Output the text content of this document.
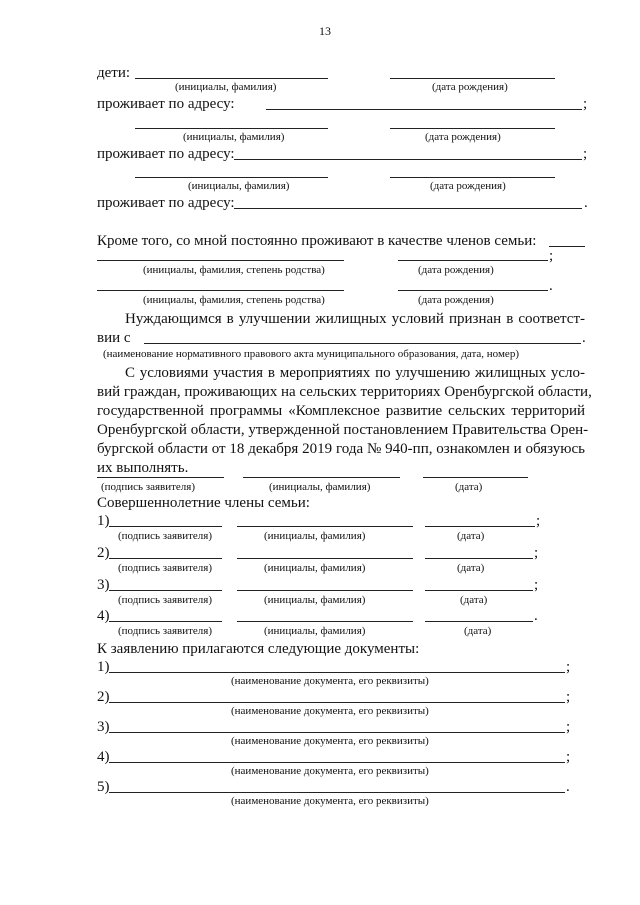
13
дети:
(инициалы, фамилия)	(дата рождения)
проживает по адресу:	;
(инициалы, фамилия)	(дата рождения)
проживает по адресу:	;
(инициалы, фамилия)	(дата рождения)
проживает по адресу:	.
Кроме того, со мной постоянно проживают в качестве членов семьи:
;
(инициалы, фамилия, степень родства)	(дата рождения)
.
(инициалы, фамилия, степень родства)	(дата рождения)
Нуждающимся в улучшении жилищных условий признан в соответст-
вии с	.
(наименование нормативного правового акта муниципального образования, дата, номер)
С условиями участия в мероприятиях по улучшению жилищных усло-
вий граждан, проживающих на сельских территориях Оренбургской области,
государственной программы «Комплексное развитие сельских территорий
Оренбургской области, утвержденной постановлением Правительства Орен-
бургской области от 18 декабря 2019 года № 940-пп, ознакомлен и обязуюсь
их выполнять.
(подпись заявителя)	(инициалы, фамилия)	(дата)
Совершеннолетние члены семьи:
1)	;
(подпись заявителя)	(инициалы, фамилия)	(дата)
2)	;
(подпись заявителя)	(инициалы, фамилия)	(дата)
3)	;
(подпись заявителя)	(инициалы, фамилия)	(дата)
4)	.
(подпись заявителя)	(инициалы, фамилия)	(дата)
К заявлению прилагаются следующие документы:
1)	;
(наименование документа, его реквизиты)
2)	;
(наименование документа, его реквизиты)
3)	;
(наименование документа, его реквизиты)
4)	;
(наименование документа, его реквизиты)
5)	.
(наименование документа, его реквизиты)
